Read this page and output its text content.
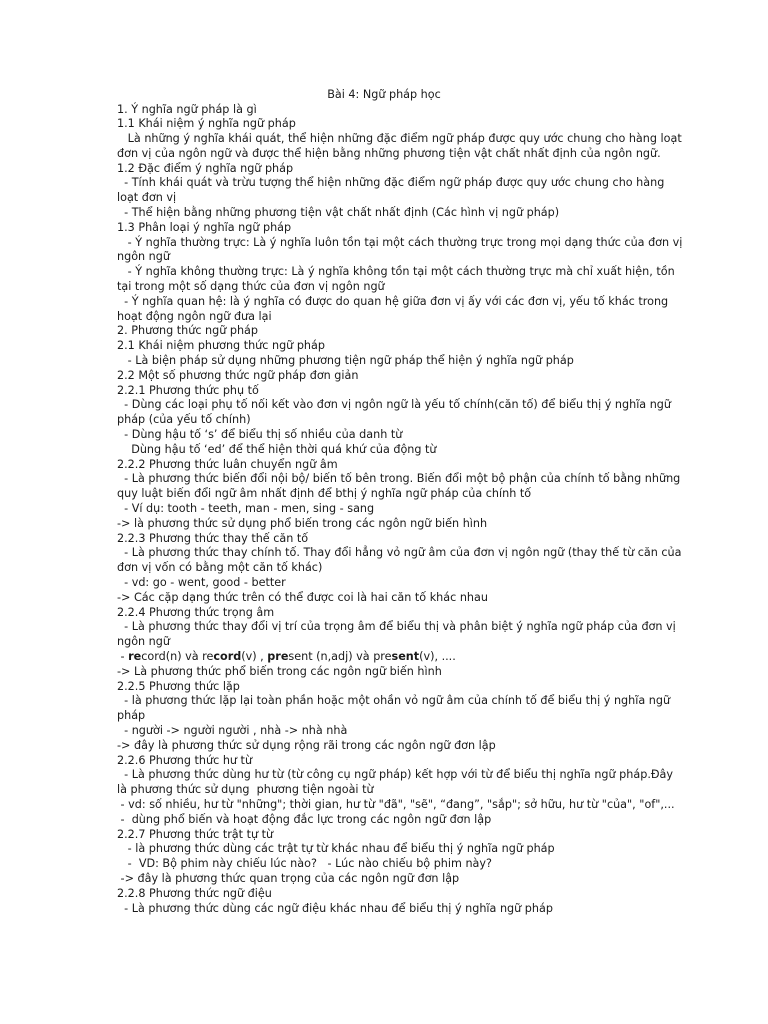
Bài 4: Ngữ pháp học
1. Ý nghĩa ngữ pháp là gì
1.1 Khái niệm ý nghĩa ngữ pháp
Là những ý nghĩa khái quát, thể hiện những đặc điểm ngữ pháp được quy ước chung cho hàng loạt
đơn vị của ngôn ngữ và được thể hiện bằng những phương tiện vật chất nhất định của ngôn ngữ.
1.2 Đặc điểm ý nghĩa ngữ pháp
- Tính khái quát và trừu tượng thể hiện những đặc điểm ngữ pháp được quy ước chung cho hàng
loạt đơn vị
- Thể hiện bằng những phương tiện vật chất nhất định (Các hình vị ngữ pháp)
1.3 Phân loại ý nghĩa ngữ pháp
- Ý nghĩa thường trực: Là ý nghĩa luôn tồn tại một cách thường trực trong mọi dạng thức của đơn vị
ngôn ngữ
- Ý nghĩa không thường trực: Là ý nghĩa không tồn tại một cách thường trực mà chỉ xuất hiện, tồn
tại trong một số dạng thức của đơn vị ngôn ngữ
- Ý nghĩa quan hệ: là ý nghĩa có được do quan hệ giữa đơn vị ấy với các đơn vị, yếu tố khác trong
hoạt động ngôn ngữ đưa lại
2. Phương thức ngữ pháp
2.1 Khái niệm phương thức ngữ pháp
- Là biện pháp sử dụng những phương tiện ngữ pháp thể hiện ý nghĩa ngữ pháp
2.2 Một số phương thức ngữ pháp đơn giản
2.2.1 Phương thức phụ tố
- Dùng các loại phụ tố nối kết vào đơn vị ngôn ngữ là yếu tố chính(căn tố) để biểu thị ý nghĩa ngữ
pháp (của yếu tố chính)
- Dùng hậu tố ‘s’ để biểu thị số nhiều của danh từ
Dùng hậu tố ‘ed’ để thể hiện thời quá khứ của động từ
2.2.2 Phương thức luân chuyển ngữ âm
- Là phương thức biến đổi nội bộ/ biến tố bên trong. Biến đổi một bộ phận của chính tố bằng những
quy luật biến đổi ngữ âm nhất định để bthị ý nghĩa ngữ pháp của chính tố
- Ví dụ: tooth - teeth, man - men, sing - sang
-> là phương thức sử dụng phổ biến trong các ngôn ngữ biến hình
2.2.3 Phương thức thay thế căn tố
- Là phương thức thay chính tố. Thay đổi hẳng vỏ ngữ âm của đơn vị ngôn ngữ (thay thế từ căn của
đơn vị vốn có bằng một căn tố khác)
- vd: go - went, good - better
-> Các cặp dạng thức trên có thể được coi là hai căn tố khác nhau
2.2.4 Phương thức trọng âm
- Là phương thức thay đổi vị trí của trọng âm để biểu thị và phân biệt ý nghĩa ngữ pháp của đơn vị
ngôn ngữ
- record(n) và record(v) , present (n,adj) và present(v), ....
-> Là phương thức phổ biến trong các ngôn ngữ biến hình
2.2.5 Phương thức lặp
- là phương thức lặp lại toàn phần hoặc một ohần vỏ ngữ âm của chính tố để biểu thị ý nghĩa ngữ
pháp
- người -> người người , nhà -> nhà nhà
-> đây là phương thức sử dụng rộng rãi trong các ngôn ngữ đơn lập
2.2.6 Phương thức hư từ
- Là phương thức dùng hư từ (từ công cụ ngữ pháp) kết hợp với từ để biểu thị nghĩa ngữ pháp.Đây
là phương thức sử dụng  phương tiện ngoài từ
- vd: số nhiều, hư từ "những"; thời gian, hư từ "đã", "sẽ", “đang”, "sắp"; sở hữu, hư từ "của", "of",...
-  dùng phổ biến và hoạt động đắc lực trong các ngôn ngữ đơn lập
2.2.7 Phương thức trật tự từ
- là phương thức dùng các trật tự từ khác nhau để biểu thị ý nghĩa ngữ pháp
-  VD: Bộ phim này chiếu lúc nào?   - Lúc nào chiếu bộ phim này?
-> đây là phương thức quan trọng của các ngôn ngữ đơn lập
2.2.8 Phương thức ngữ điệu
- Là phương thức dùng các ngữ điệu khác nhau để biểu thị ý nghĩa ngữ pháp
